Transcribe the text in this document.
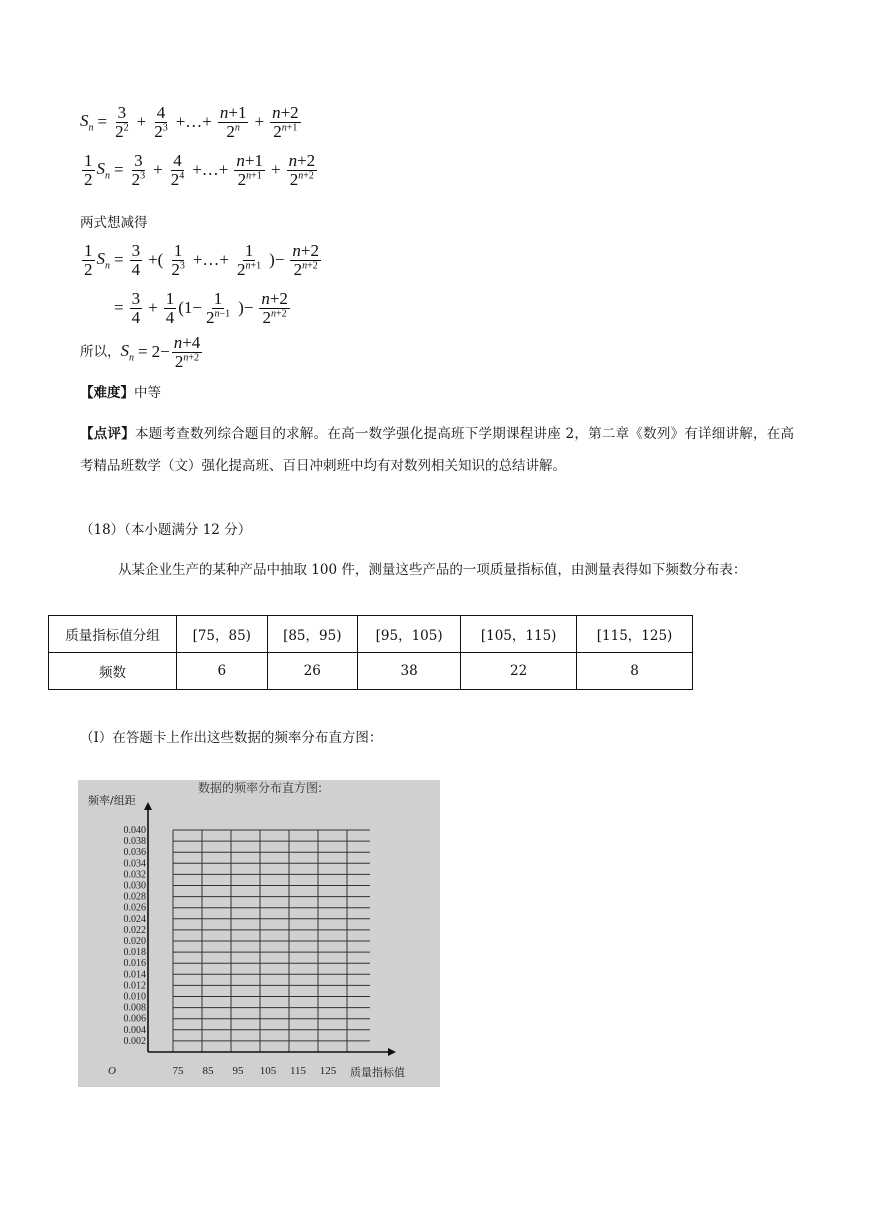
$S_n = \frac{3}{2^2} + \frac{4}{2^3}$ +…+ $\frac{n+1}{2^n} + \frac{n+2}{2^{n+1}}$
$\frac{1}{2} S_n = \frac{3}{2^3} + \frac{4}{2^4}$ +…+ $\frac{n+1}{2^{n+1}} + \frac{n+2}{2^{n+2}}$
两式想减得
$\frac{1}{2} S_n = \frac{3}{4}$ +( $\frac{1}{2^3}$ +…+ $\frac{1}{2^{n+1}}$ )− $\frac{n+2}{2^{n+2}}$
= $\frac{3}{4} + \frac{1}{4} (1- \frac{1}{2^{n-1}}$ )− $\frac{n+2}{2^{n+2}}$
所以， $S_n = 2- \frac{n+4}{2^{n+2}}$
【难度】中等
【点评】本题考查数列综合题目的求解。在高一数学强化提高班下学期课程讲座 2，第二章《数列》有详细讲解，在高考精品班数学（文）强化提高班、百日冲刺班中均有对数列相关知识的总结讲解。
（18）（本小题满分 12 分）
从某企业生产的某种产品中抽取 100 件，测量这些产品的一项质量指标值，由测量表得如下频数分布表：
质量指标值分组	[75，85)	[85，95)	[95，105)	[105，115)	[115，125)
频数	6	26	38	22	8
（I）在答题卡上作出这些数据的频率分布直方图：
0.002
0.004
0.006
0.008
0.010
0.012
0.014
0.016
0.018
0.020
0.022
0.024
0.026
0.028
0.030
0.032
0.034
0.036
0.038
0.040
75 85 95 105 115 125
O
频率/组距
质量指标值
数据的频率分布直方图:
